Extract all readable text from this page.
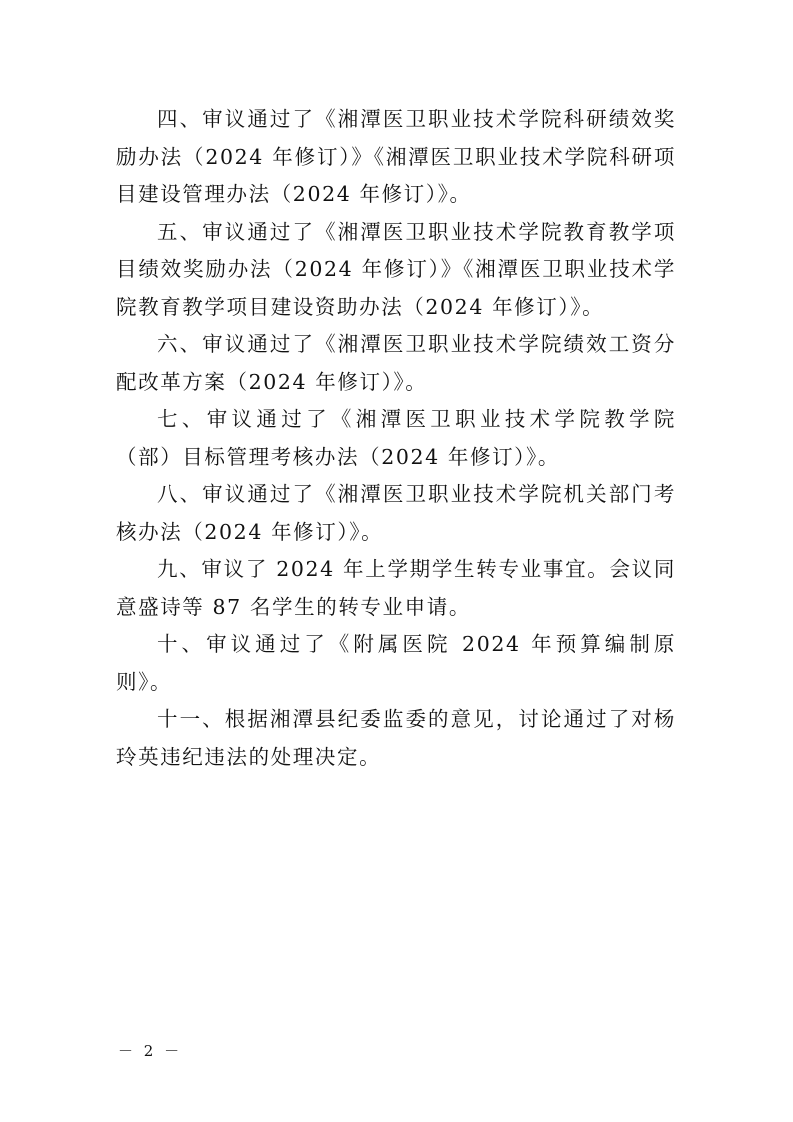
四、审议通过了《湘潭医卫职业技术学院科研绩效奖励办法（2024 年修订）》《湘潭医卫职业技术学院科研项目建设管理办法（2024 年修订）》。

五、审议通过了《湘潭医卫职业技术学院教育教学项目绩效奖励办法（2024 年修订）》《湘潭医卫职业技术学院教育教学项目建设资助办法（2024 年修订）》。

六、审议通过了《湘潭医卫职业技术学院绩效工资分配改革方案（2024 年修订）》。

七、审议通过了《湘潭医卫职业技术学院教学院（部）目标管理考核办法（2024 年修订）》。

八、审议通过了《湘潭医卫职业技术学院机关部门考核办法（2024 年修订）》。

九、审议了 2024 年上学期学生转专业事宜。会议同意盛诗等 87 名学生的转专业申请。

十、审议通过了《附属医院 2024 年预算编制原则》。

十一、根据湘潭县纪委监委的意见，讨论通过了对杨玲英违纪违法的处理决定。

－ 2 －
